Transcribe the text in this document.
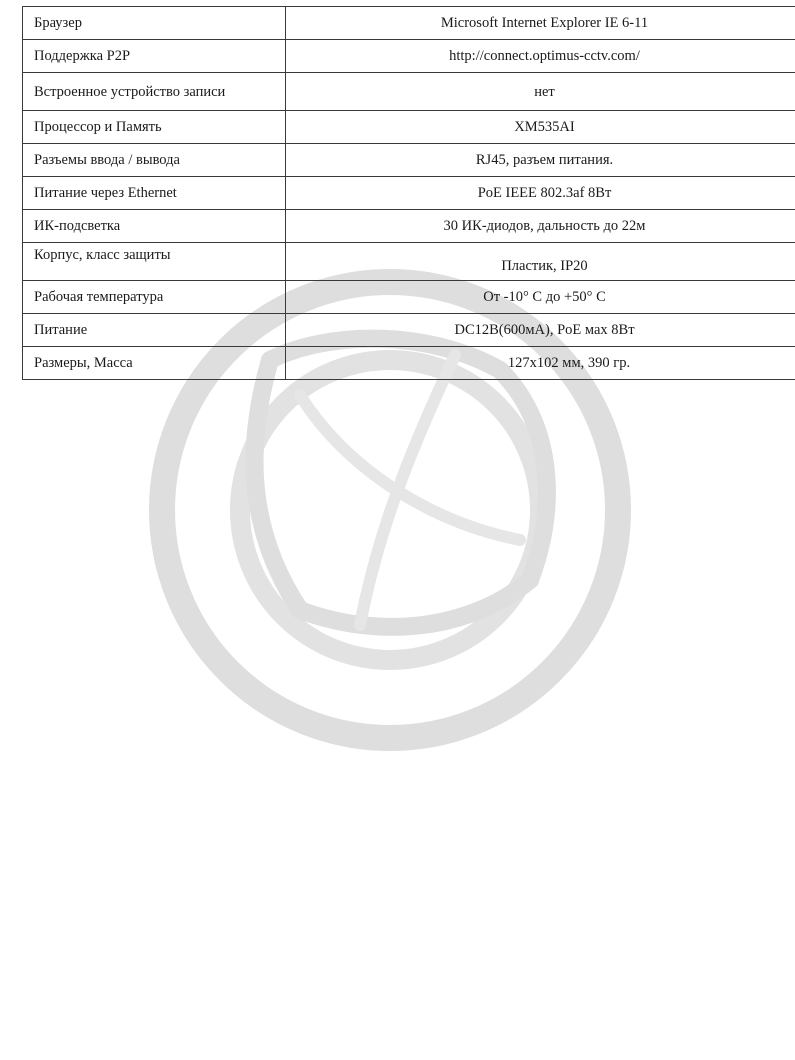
Браузер	Microsoft Internet Explorer IE 6-11
Поддержка P2P	http://connect.optimus-cctv.com/
Встроенное устройство записи	нет
Процессор и Память	XM535AI
Разъемы ввода / вывода	RJ45, разъем питания.
Питание через Ethernet	PoE IEEE 802.3af 8Вт
ИК-подсветка	30 ИК-диодов, дальность до 22м
Корпус, класс защиты	Пластик, IP20
Рабочая температура	От -10° С до +50° С
Питание	DC12В(600мА), PoE мах 8Вт
Размеры, Масса	127х102 мм, 390 гр.
